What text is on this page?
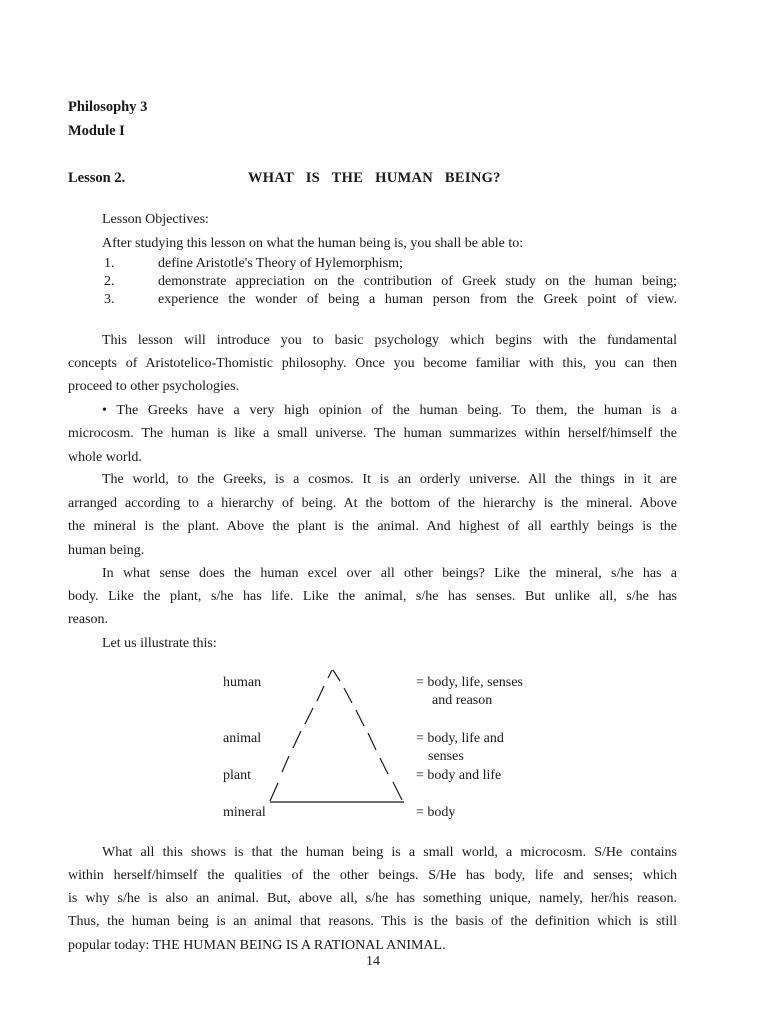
Philosophy 3
Module I
Lesson 2.	WHAT IS THE HUMAN BEING?
Lesson Objectives:
After studying this lesson on what the human being is, you shall be able to:
1.	define Aristotle's Theory of Hylemorphism;
2.	demonstrate appreciation on the contribution of Greek study on the human being;
3.	experience the wonder of being a human person from the Greek point of view.
This lesson will introduce you to basic psychology which begins with the fundamental
concepts of Aristotelico-Thomistic philosophy. Once you become familiar with this, you can then
proceed to other psychologies.
• The Greeks have a very high opinion of the human being. To them, the human is a
microcosm. The human is like a small universe. The human summarizes within herself/himself the
whole world.
The world, to the Greeks, is a cosmos. It is an orderly universe. All the things in it are
arranged according to a hierarchy of being. At the bottom of the hierarchy is the mineral. Above
the mineral is the plant. Above the plant is the animal. And highest of all earthly beings is the
human being.
In what sense does the human excel over all other beings? Like the mineral, s/he has a
body. Like the plant, s/he has life. Like the animal, s/he has senses. But unlike all, s/he has
reason.
Let us illustrate this:
human
animal
plant
mineral
= body, life, senses
and reason
= body, life and
senses
= body and life
= body
What all this shows is that the human being is a small world, a microcosm. S/He contains
within herself/himself the qualities of the other beings. S/He has body, life and senses; which
is why s/he is also an animal. But, above all, s/he has something unique, namely, her/his reason.
Thus, the human being is an animal that reasons. This is the basis of the definition which is still
popular today: THE HUMAN BEING IS A RATIONAL ANIMAL.
14
